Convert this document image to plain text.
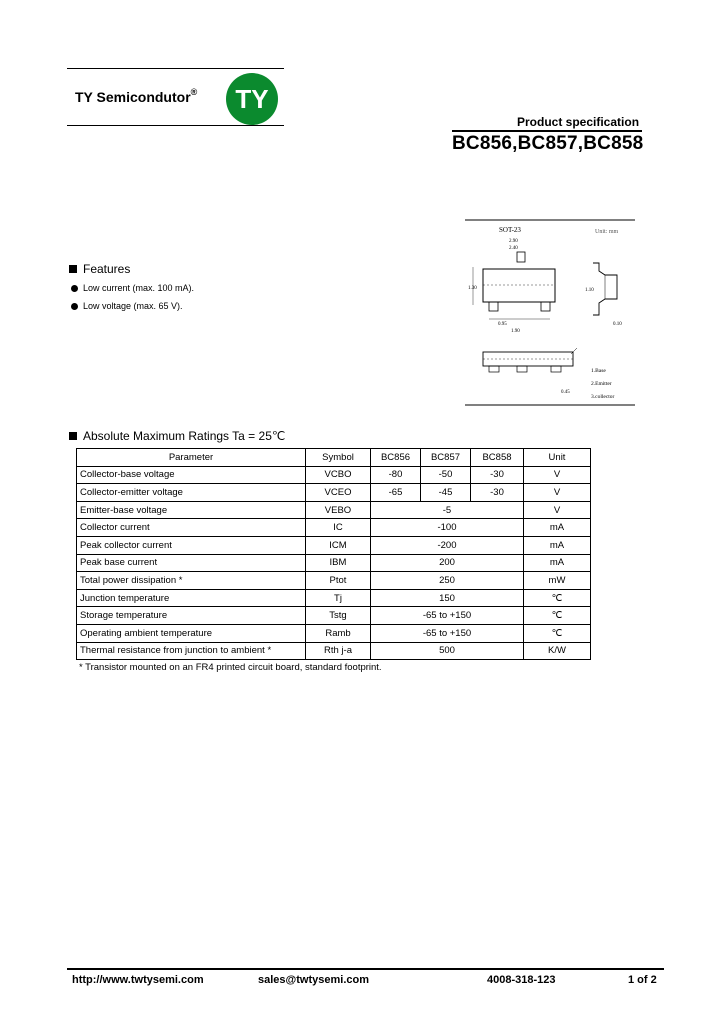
TY Semicondutor®	TY
Product specification
BC856,BC857,BC858
SOT-23	Unit: mm
2.90
2.40
1.30
0.95
1.90
1.10
0.10
0.45
1.Base
2.Emitter
3.collector
Features
Low current (max. 100 mA).
Low voltage (max. 65 V).
Absolute Maximum Ratings Ta = 25℃
Parameter	Symbol	BC856	BC857	BC858	Unit
Collector-base voltage	VCBO	-80	-50	-30	V
Collector-emitter voltage	VCEO	-65	-45	-30	V
Emitter-base voltage	VEBO	-5			V
Collector current	IC	-100			mA
Peak collector current	ICM	-200			mA
Peak base current	IBM	200			mA
Total power dissipation *	Ptot	250			mW
Junction temperature	Tj	150			℃
Storage temperature	Tstg	-65 to +150			℃
Operating ambient temperature	Ramb	-65 to +150			℃
Thermal resistance from junction to ambient *	Rth j-a	500			K/W
* Transistor mounted on an FR4 printed circuit board, standard footprint.
http://www.twtysemi.com	sales@twtysemi.com	4008-318-123	1 of 2
